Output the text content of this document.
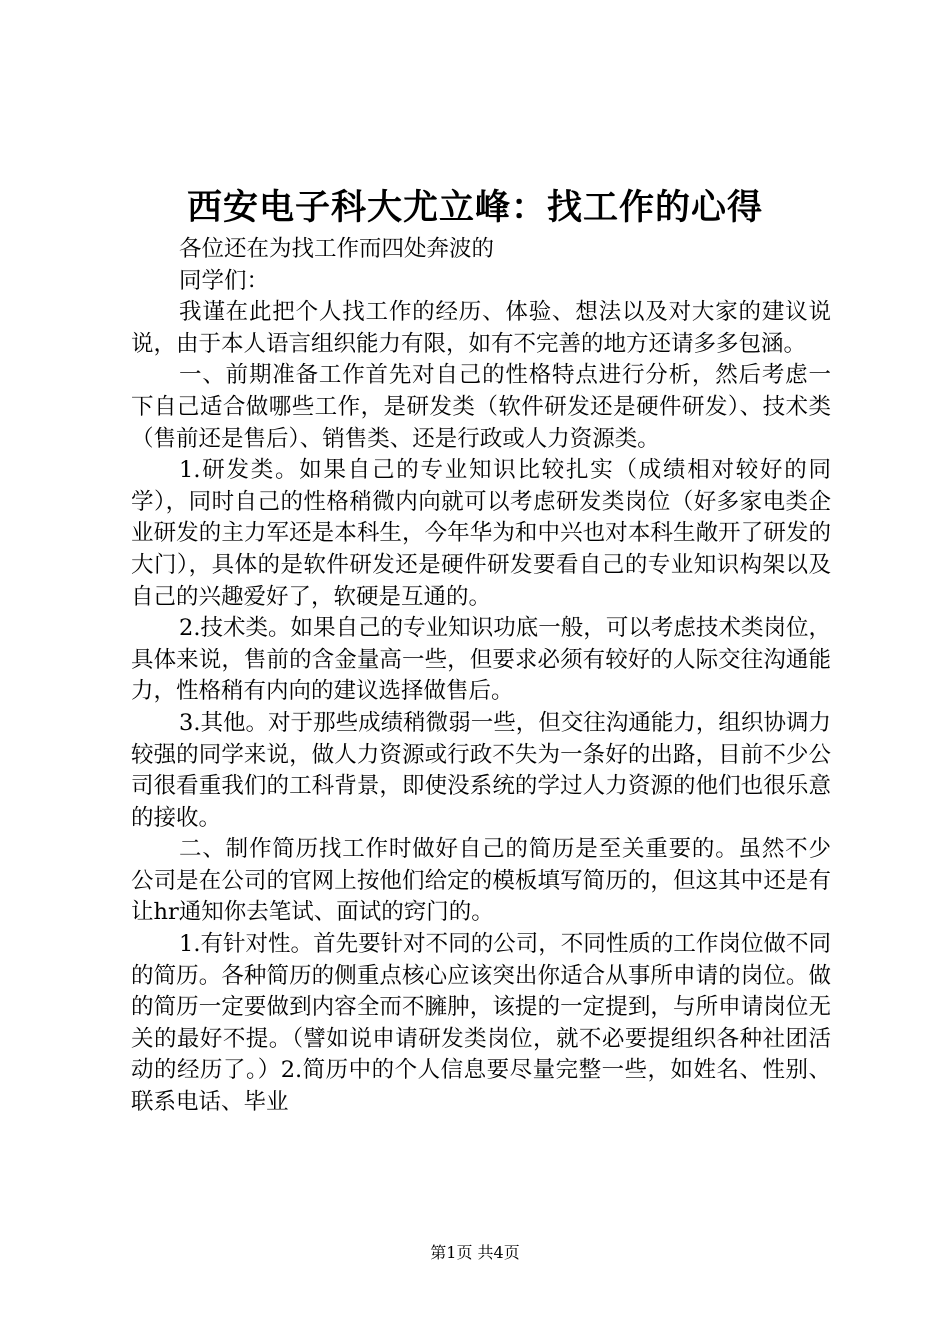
西安电子科大尤立峰：找工作的心得

各位还在为找工作而四处奔波的

同学们：

我谨在此把个人找工作的经历、体验、想法以及对大家的建议说说，由于本人语言组织能力有限，如有不完善的地方还请多多包涵。

一、前期准备工作首先对自己的性格特点进行分析，然后考虑一下自己适合做哪些工作，是研发类（软件研发还是硬件研发）、技术类（售前还是售后）、销售类、还是行政或人力资源类。

1.研发类。如果自己的专业知识比较扎实（成绩相对较好的同学），同时自己的性格稍微内向就可以考虑研发类岗位（好多家电类企业研发的主力军还是本科生，今年华为和中兴也对本科生敞开了研发的大门），具体的是软件研发还是硬件研发要看自己的专业知识构架以及自己的兴趣爱好了，软硬是互通的。

2.技术类。如果自己的专业知识功底一般，可以考虑技术类岗位，具体来说，售前的含金量高一些，但要求必须有较好的人际交往沟通能力，性格稍有内向的建议选择做售后。

3.其他。对于那些成绩稍微弱一些，但交往沟通能力，组织协调力较强的同学来说，做人力资源或行政不失为一条好的出路，目前不少公司很看重我们的工科背景，即使没系统的学过人力资源的他们也很乐意的接收。

二、制作简历找工作时做好自己的简历是至关重要的。虽然不少公司是在公司的官网上按他们给定的模板填写简历的，但这其中还是有让hr通知你去笔试、面试的窍门的。

1.有针对性。首先要针对不同的公司，不同性质的工作岗位做不同的简历。各种简历的侧重点核心应该突出你适合从事所申请的岗位。做的简历一定要做到内容全而不臃肿，该提的一定提到，与所申请岗位无关的最好不提。（譬如说申请研发类岗位，就不必要提组织各种社团活动的经历了。）2.简历中的个人信息要尽量完整一些，如姓名、性别、联系电话、毕业

第1页 共4页
